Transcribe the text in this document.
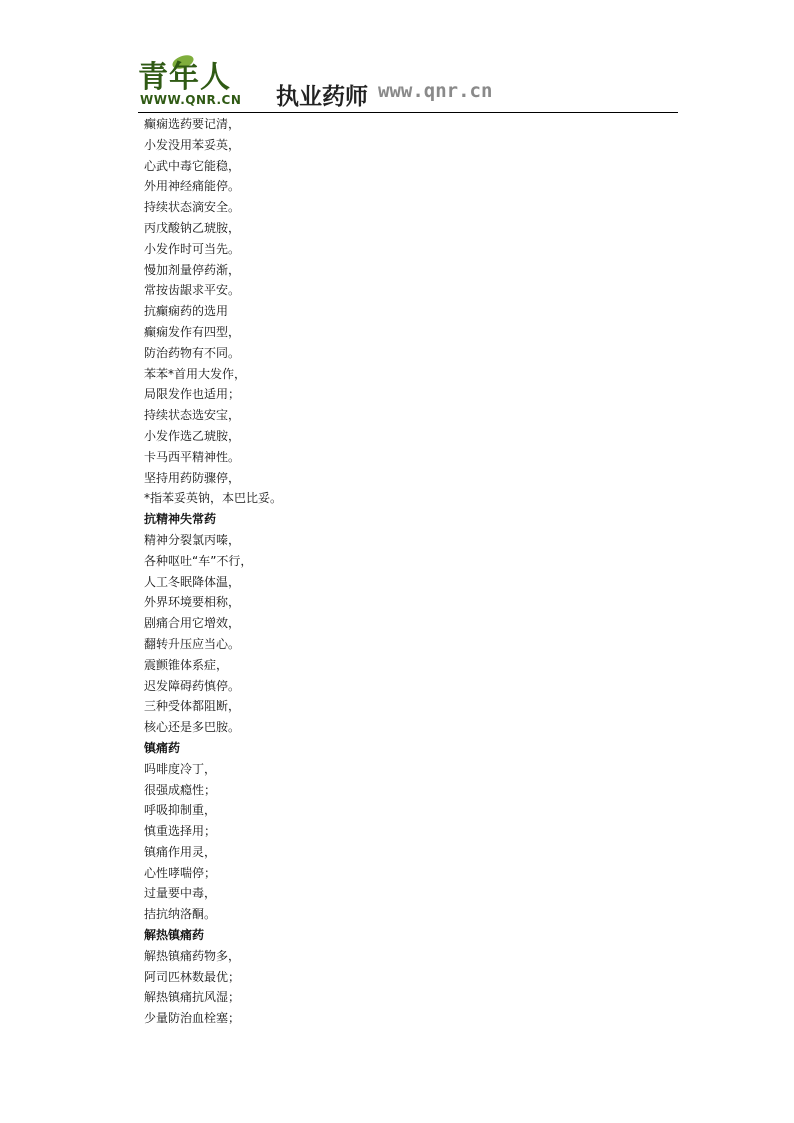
青年人
WWW.QNR.CN 执业药师 www.qnr.cn
癫痫选药要记清，
小发没用苯妥英，
心武中毒它能稳，
外用神经痛能停。
持续状态滴安全。
丙戊酸钠乙琥胺，
小发作时可当先。
慢加剂量停药渐，
常按齿龈求平安。
抗癫痫药的选用
癫痫发作有四型，
防治药物有不同。
苯苯*首用大发作，
局限发作也适用；
持续状态选安宝，
小发作选乙琥胺，
卡马西平精神性。
坚持用药防骤停，
*指苯妥英钠，本巴比妥。
抗精神失常药
精神分裂氯丙嗪，
各种呕吐“车”不行，
人工冬眠降体温，
外界环境要相称，
剧痛合用它增效，
翻转升压应当心。
震颤锥体系症，
迟发障碍药慎停。
三种受体都阻断，
核心还是多巴胺。
镇痛药
吗啡度冷丁，
很强成瘾性；
呼吸抑制重，
慎重选择用；
镇痛作用灵，
心性哮喘停；
过量要中毒，
拮抗纳洛酮。
解热镇痛药
解热镇痛药物多，
阿司匹林数最优；
解热镇痛抗风湿；
少量防治血栓塞；
